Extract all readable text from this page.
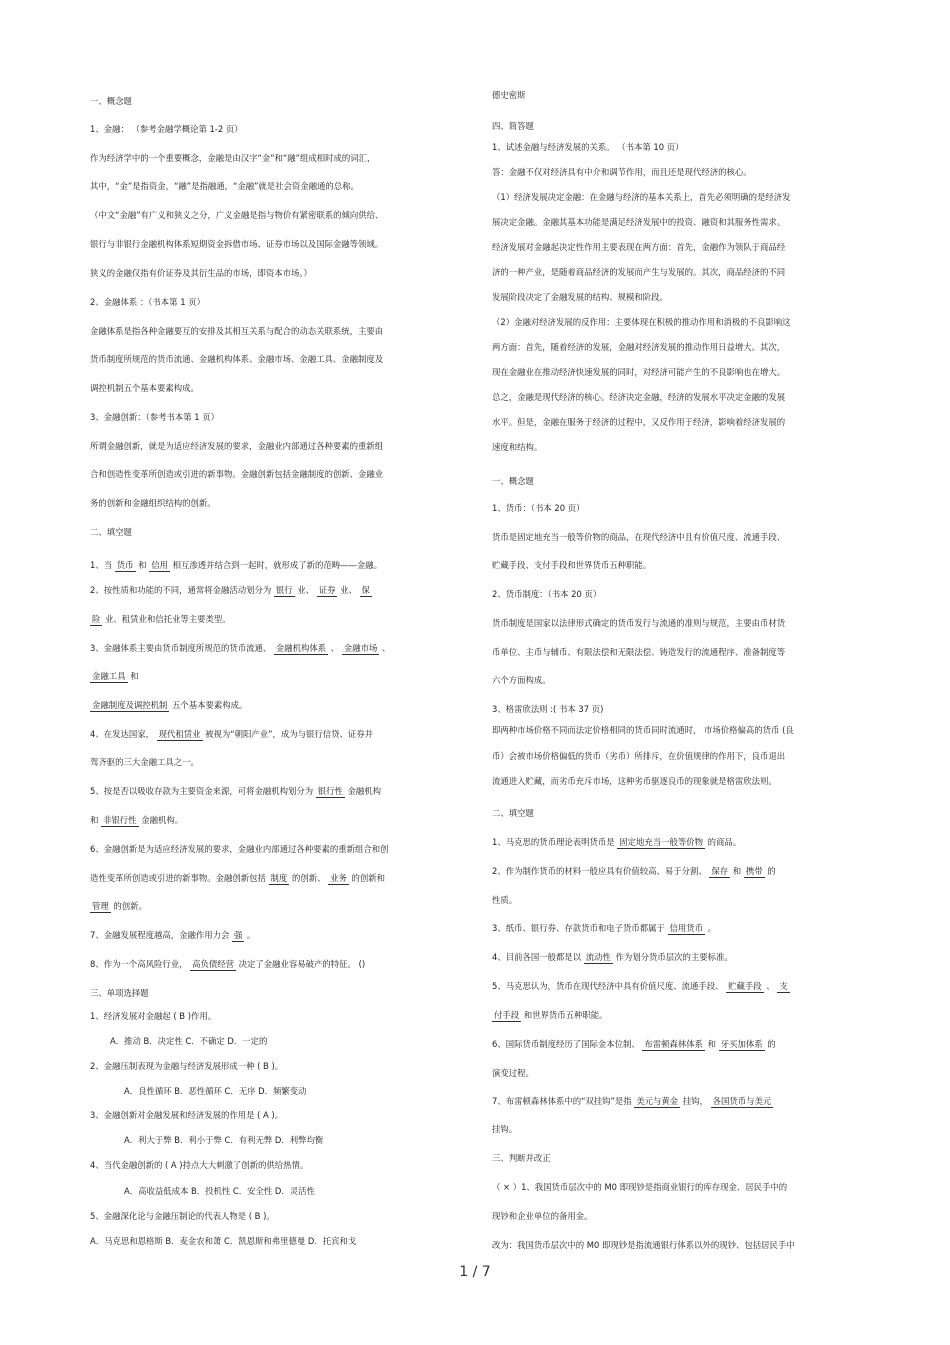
一、概念题
1、金融： （参考金融学概论第 1-2 页）
作为经济学中的一个重要概念，金融是由汉字“金”和“融”组成相时成的词汇，
其中，“金”是指资金，“融”是指融通，“金融”就是社会资金融通的总称。
（中文“金融”有广义和狭义之分，广义金融是指与物价有紧密联系的倾向供给、
银行与非银行金融机构体系短期资金拆借市场、证券市场以及国际金融等领域。
狭义的金融仅指有价证券及其衍生品的市场，即资本市场。）
2、金融体系 ：（书本第 1 页）
金融体系是指各种金融要互的安排及其相互关系与配合的动态关联系统，主要由
货币制度所规范的货币流通、金融机构体系、金融市场、金融工具、金融制度及
调控机制五个基本要素构成。
3、金融创新：（参考书本第 1 页）
所谓金融创新，就是为适应经济发展的要求，金融业内部通过各种要素的重新组
合和创造性变革所创造或引进的新事物。金融创新包括金融制度的创新、金融业
务的创新和金融组织结构的创新。
二、填空题
1、当 货币 和 信用 相互渗透并结合到一起时，就形成了新的范畴——金融。
2、按性质和功能的不同，通常将金融活动划分为 银行 业、 证券 业、 保
险 业、租赁业和信托业等主要类型。
3、金融体系主要由货币制度所规范的货币流通、 金融机构体系 、 金融市场 、
金融工具 和
金融制度及调控机制 五个基本要素构成。
4、在发达国家， 现代租赁业 被视为“朝阳产业”，成为与银行信贷、证券并
驾齐驱的三大金融工具之一。
5、按是否以吸收存款为主要资金来源，可将金融机构划分为 银行性 金融机构
和 非银行性 金融机构。
6、金融创新是为适应经济发展的要求，金融业内部通过各种要素的重新组合和创
造性变革所创造或引进的新事物。金融创新包括 制度 的创新、 业务 的创新和
管理 的创新。
7、金融发展程度越高，金融作用力会 强 。
8、作为一个高风险行业， 高负债经营 决定了金融业容易破产的特征。 ()
三、单项选择题
1、经济发展对金融起 ( B )作用。
A．推动 B．决定性 C．不确定 D．一定的
2、金融压制表现为金融与经济发展形成一种 ( B )。
A．良性循环 B．恶性循环 C．无序 D．频繁变动
3、金融创新对金融发展和经济发展的作用是 ( A )。
A．利大于弊 B．利小于弊 C．有利无弊 D．利弊均衡
4、当代金融创新的 ( A )持点大大刺激了创新的供给热情。
A．高收益低成本 B．投机性 C．安全性 D．灵活性
5、金融深化论与金融压制论的代表人物是 ( B )。
A．马克思和恩格斯 B．麦金农和萧 C．凯恩斯和弗里德曼 D．托宾和戈
德史密斯
四、简答题
1、试述金融与经济发展的关系。 （书本第 10 页）
答：金融不仅对经济具有中介和调节作用，而且还是现代经济的核心。
（1）经济发展决定金融：在金融与经济的基本关系上，首先必须明确的是经济发
展决定金融。金融其基本功能是满足经济发展中的投资、融资和其服务性需求。
经济发展对金融起决定性作用主要表现在两方面：首先，金融作为领队于商品经
济的一种产业，是随着商品经济的发展而产生与发展的。其次，商品经济的不同
发展阶段决定了金融发展的结构、规模和阶段。
（2）金融对经济发展的反作用：主要体现在积极的推动作用和消极的不良影响这
两方面：首先，随着经济的发展，金融对经济发展的推动作用日益增大。其次，
现在金融业在推动经济快速发展的同时，对经济可能产生的不良影响也在增大。
总之，金融是现代经济的核心。经济决定金融，经济的发展水平决定金融的发展
水平。但是，金融在服务于经济的过程中，又反作用于经济，影响着经济发展的
速度和结构。
一、概念题
1、货币：（书本 20 页）
货币是固定地充当一般等价物的商品，在现代经济中且有价值尺度、流通手段、
贮藏手段、支付手段和世界货币五种职能。
2、货币制度：（书本 20 页）
货币制度是国家以法律形式确定的货币发行与流通的准则与规范，主要由币材货
币单位、主币与辅币、有限法偿和无限法偿、铸造发行的流通程序、准备制度等
六个方面构成。
3、格雷欣法则 :( 书本 37 页)
即两种市场价格不同而法定价格相同的货币同时流通时， 市场价格偏高的货币 (良
币）会被市场价格偏低的货币（劣币）所排斥，在价值规律的作用下，良币退出
流通进入贮藏，而劣币充斥市场，这种劣币驱逐良币的现象就是格雷欣法则。
二、填空题
1、马克思的货币理论表明货币是 固定地充当一般等价物 的商品。
2、作为制作货币的材料一般应具有价值较高、易于分割、 保存 和 携带 的
性质。
3、纸币、银行券、存款货币和电子货币都属于 信用货币 。
4、目前各国一般都是以 流动性 作为划分货币层次的主要标准。
5、马克思认为，货币在现代经济中具有价值尺度、流通手段、 贮藏手段 、 支
付手段 和世界货币五种职能。
6、国际货币制度经历了国际金本位制、 布雷顿森林体系 和 牙买加体系 的
演变过程。
7、布雷顿森林体系中的“双挂钩”是指 美元与黄金 挂钩， 各国货币与美元
挂钩。
三、判断并改正
（ × ）1、我国货币层次中的 M0 即现钞是指商业银行的库存现金、居民手中的
现钞和企业单位的备用金。
改为：我国货币层次中的 M0 即现钞是指流通银行体系以外的现钞、包括居民手中
1 / 7
